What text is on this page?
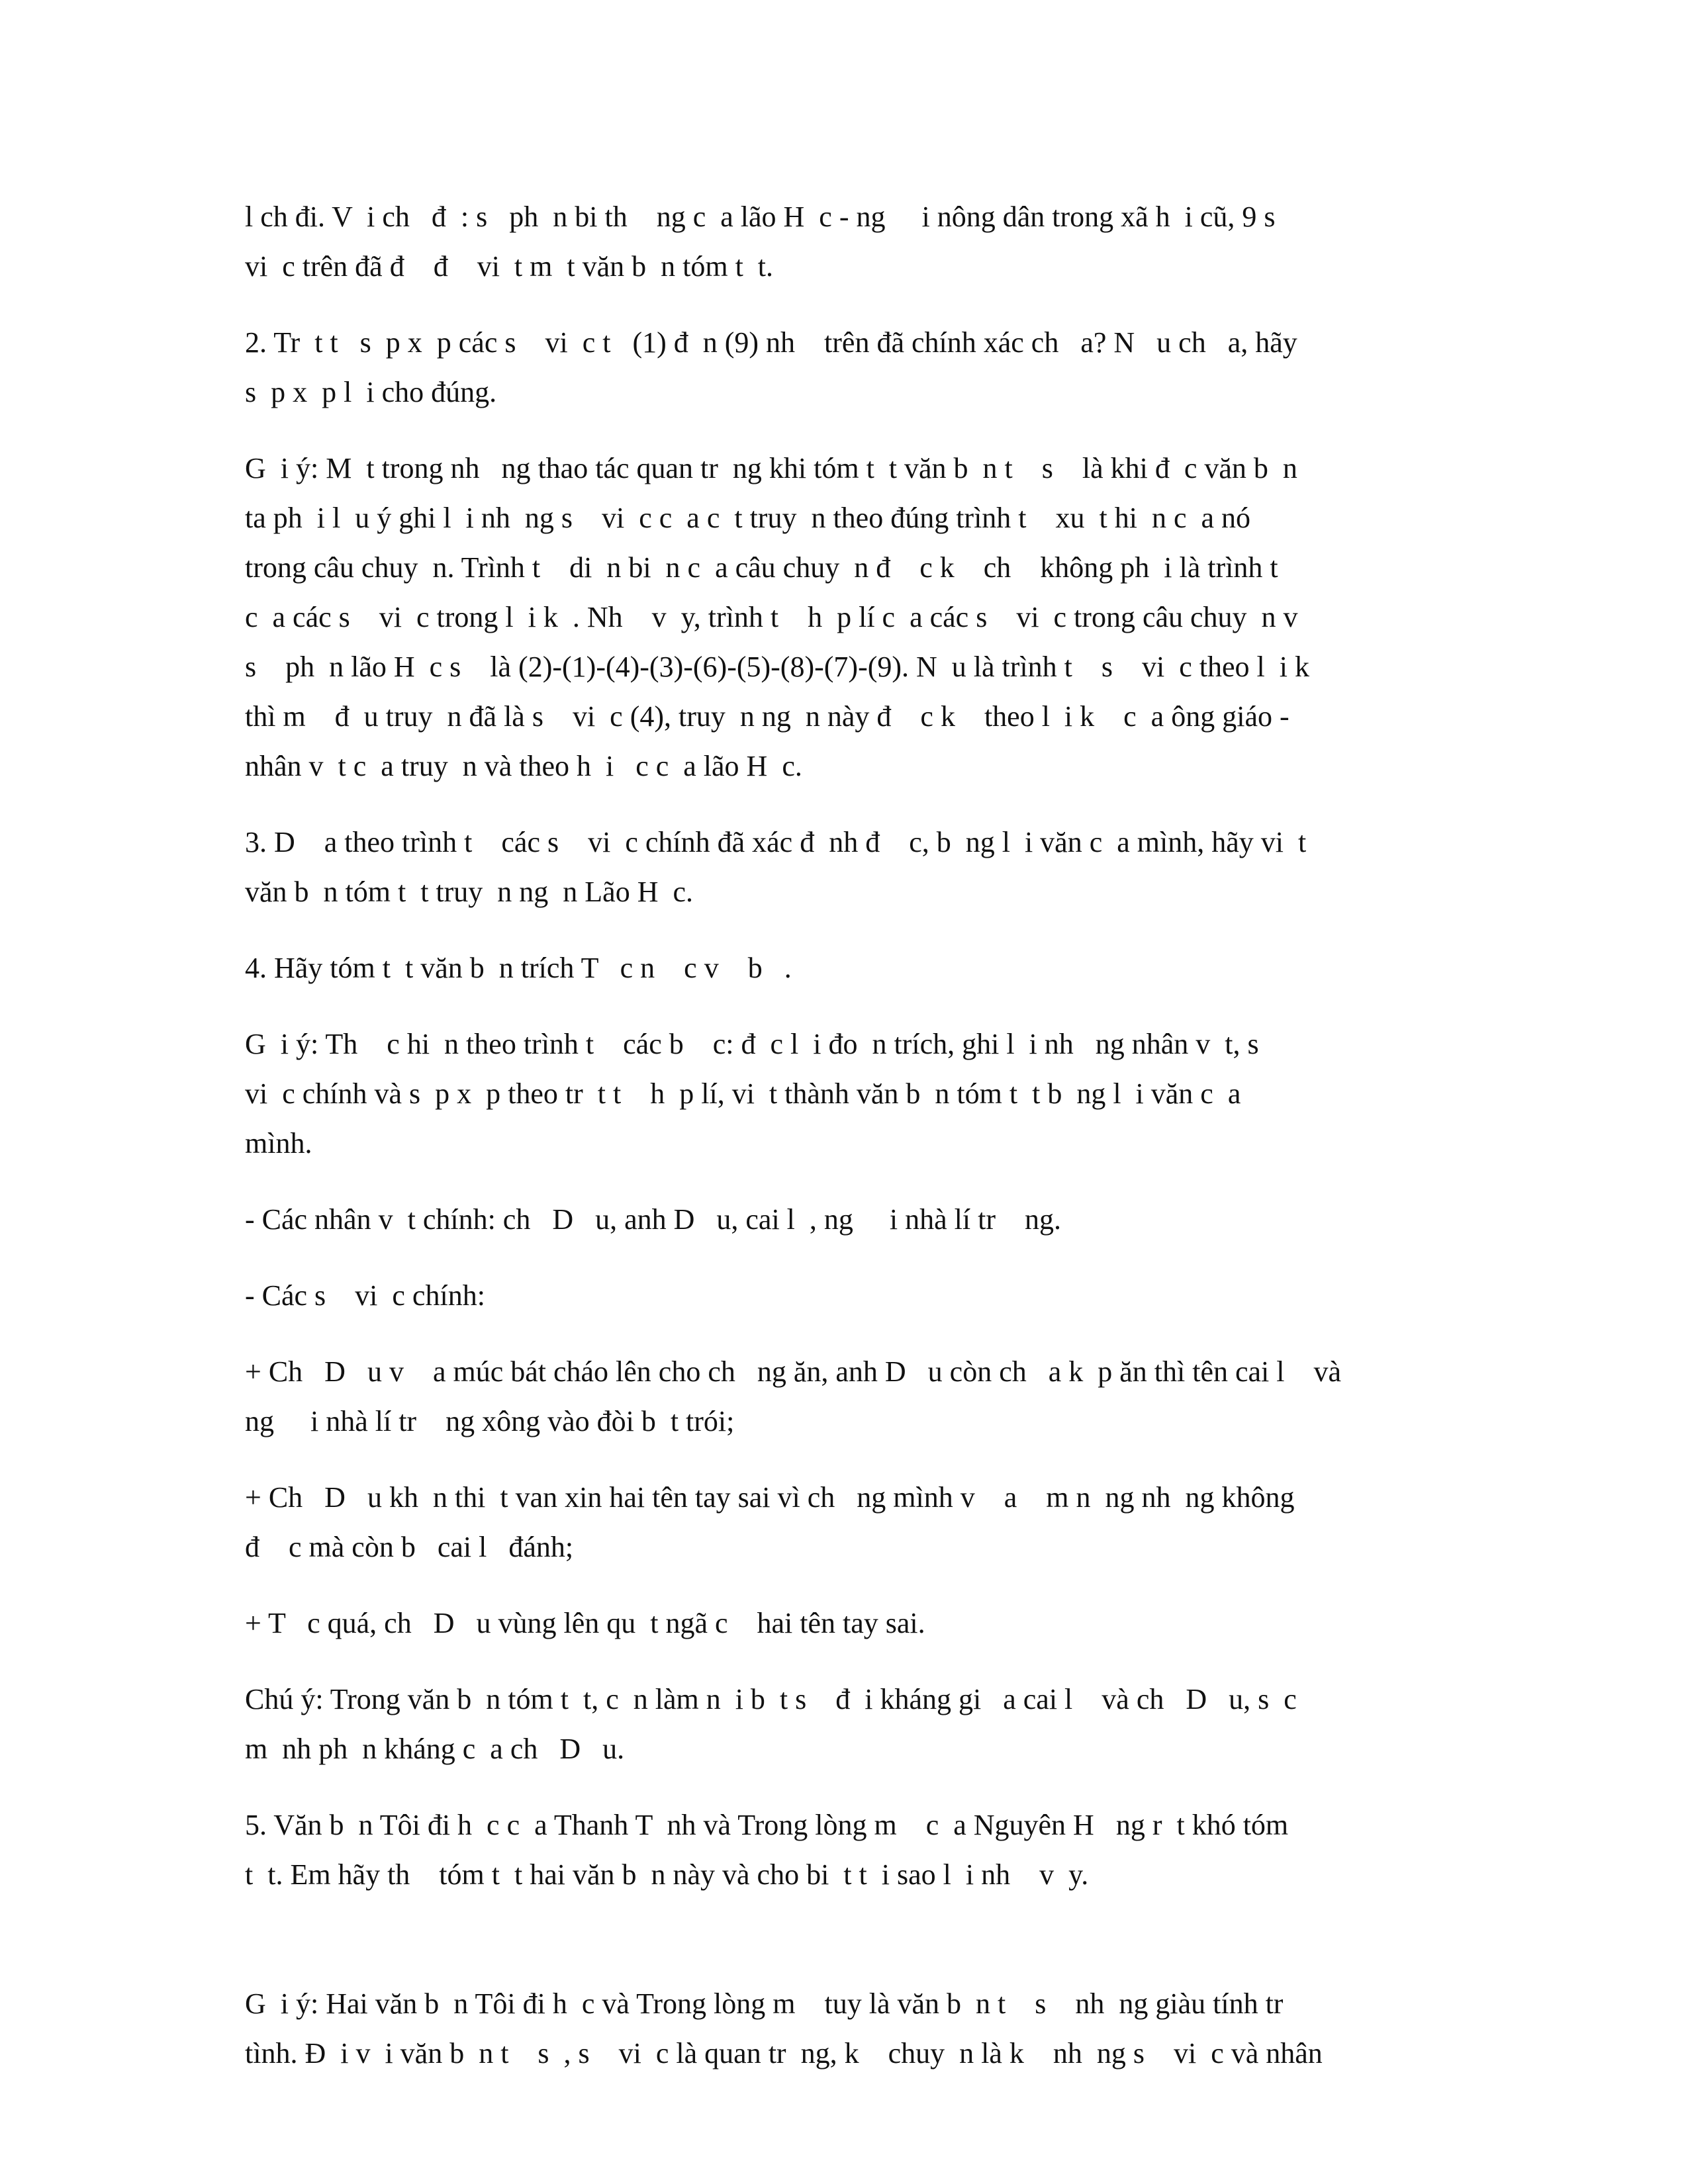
l ch đi. V  i ch   đ  : s   ph  n bi th    ng c  a lão H  c - ng     i nông dân trong xã h  i cũ, 9 s
vi  c trên đã đ    đ    vi  t m  t văn b  n tóm t  t.
2. Tr  t t   s  p x  p các s    vi  c t   (1) đ  n (9) nh    trên đã chính xác ch   a? N   u ch   a, hãy
s  p x  p l  i cho đúng.
G  i ý: M  t trong nh   ng thao tác quan tr  ng khi tóm t  t văn b  n t    s    là khi đ  c văn b  n
ta ph  i l  u ý ghi l  i nh  ng s    vi  c c  a c  t truy  n theo đúng trình t    xu  t hi  n c  a nó
trong câu chuy  n. Trình t    di  n bi  n c  a câu chuy  n đ    c k    ch    không ph  i là trình t
c  a các s    vi  c trong l  i k  . Nh    v  y, trình t    h  p lí c  a các s    vi  c trong câu chuy  n v
s    ph  n lão H  c s    là (2)-(1)-(4)-(3)-(6)-(5)-(8)-(7)-(9). N  u là trình t    s    vi  c theo l  i k
thì m    đ  u truy  n đã là s    vi  c (4), truy  n ng  n này đ    c k    theo l  i k    c  a ông giáo -
nhân v  t c  a truy  n và theo h  i   c c  a lão H  c.
3. D    a theo trình t    các s    vi  c chính đã xác đ  nh đ    c, b  ng l  i văn c  a mình, hãy vi  t
văn b  n tóm t  t truy  n ng  n Lão H  c.
4. Hãy tóm t  t văn b  n trích T   c n    c v    b   .
G  i ý: Th    c hi  n theo trình t    các b    c: đ  c l  i đo  n trích, ghi l  i nh   ng nhân v  t, s
vi  c chính và s  p x  p theo tr  t t    h  p lí, vi  t thành văn b  n tóm t  t b  ng l  i văn c  a
mình.
- Các nhân v  t chính: ch   D   u, anh D   u, cai l  , ng     i nhà lí tr    ng.
- Các s    vi  c chính:
+ Ch   D   u v    a múc bát cháo lên cho ch   ng ăn, anh D   u còn ch   a k  p ăn thì tên cai l    và
ng     i nhà lí tr    ng xông vào đòi b  t trói;
+ Ch   D   u kh  n thi  t van xin hai tên tay sai vì ch   ng mình v    a    m n  ng nh  ng không
đ    c mà còn b   cai l   đánh;
+ T   c quá, ch   D   u vùng lên qu  t ngã c    hai tên tay sai.
Chú ý: Trong văn b  n tóm t  t, c  n làm n  i b  t s    đ  i kháng gi   a cai l    và ch   D   u, s  c
m  nh ph  n kháng c  a ch   D   u.
5. Văn b  n Tôi đi h  c c  a Thanh T  nh và Trong lòng m    c  a Nguyên H   ng r  t khó tóm
t  t. Em hãy th    tóm t  t hai văn b  n này và cho bi  t t  i sao l  i nh    v  y.
G  i ý: Hai văn b  n Tôi đi h  c và Trong lòng m    tuy là văn b  n t    s    nh  ng giàu tính tr
tình. Đ  i v  i văn b  n t    s  , s    vi  c là quan tr  ng, k    chuy  n là k    nh  ng s    vi  c và nhân
